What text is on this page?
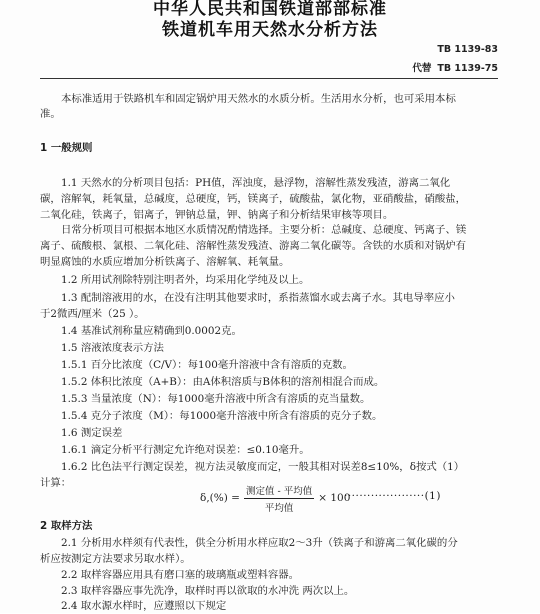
中华人民共和国铁道部部标准
铁道机车用天然水分析方法
TB 1139-83
代替 TB 1139-75
本标准适用于铁路机车和固定锅炉用天然水的水质分析。生活用水分析，也可采用本标
准。
1 一般规则
1.1 天然水的分析项目包括：PH值，浑浊度，悬浮物，溶解性蒸发残渣，游离二氧化
碳，溶解氧，耗氧量，总碱度，总硬度，钙，镁离子，硫酸盐，氯化物，亚硝酸盐，硝酸盐，
二氧化硅，铁离子，铝离子，钾钠总量，钾、钠离子和分析结果审核等项目。
日常分析项目可根据本地区水质情况酌情选择。主要分析：总碱度、总硬度、钙离子、镁
离子、硫酸根、氯根、二氧化硅、溶解性蒸发残渣、游离二氧化碳等。含铁的水质和对锅炉有
明显腐蚀的水质应增加分析铁离子、溶解氧、耗氧量。
1.2 所用试剂除特别注明者外，均采用化学纯及以上。
1.3 配制溶液用的水，在没有注明其他要求时，系指蒸馏水或去离子水。其电导率应小
于2微西/厘米（25 ）。
1.4 基准试剂称量应精确到0.0002克。
1.5 溶液浓度表示方法
1.5.1 百分比浓度（C/V）：每100毫升溶液中含有溶质的克数。
1.5.2 体积比浓度（A+B）：由A体积溶质与B体积的溶剂相混合而成。
1.5.3 当量浓度（N）：每1000毫升溶液中所含有溶质的克当量数。
1.5.4 克分子浓度（M）：每1000毫升溶液中所含有溶质的克分子数。
1.6 测定误差
1.6.1 滴定分析平行测定允许绝对误差：≤0.10毫升。
1.6.2 比色法平行测定误差，视方法灵敏度而定，一般其相对误差8≤10%，δ按式（1）
计算：
$\delta,(\%) = \frac{\text{测定值 - 平均值}}{\text{平均值}} \times 100$
·····················(1)
2 取样方法
2.1 分析用水样须有代表性，供全分析用水样应取2～3升（铁离子和游离二氧化碳的分
析应按测定方法要求另取水样）。
2.2 取样容器应用具有磨口塞的玻璃瓶或塑料容器。
2.3 取样容器应事先洗净，取样时再以欲取的水冲洗 两次以上。
2.4 取水源水样时，应遵照以下规定
